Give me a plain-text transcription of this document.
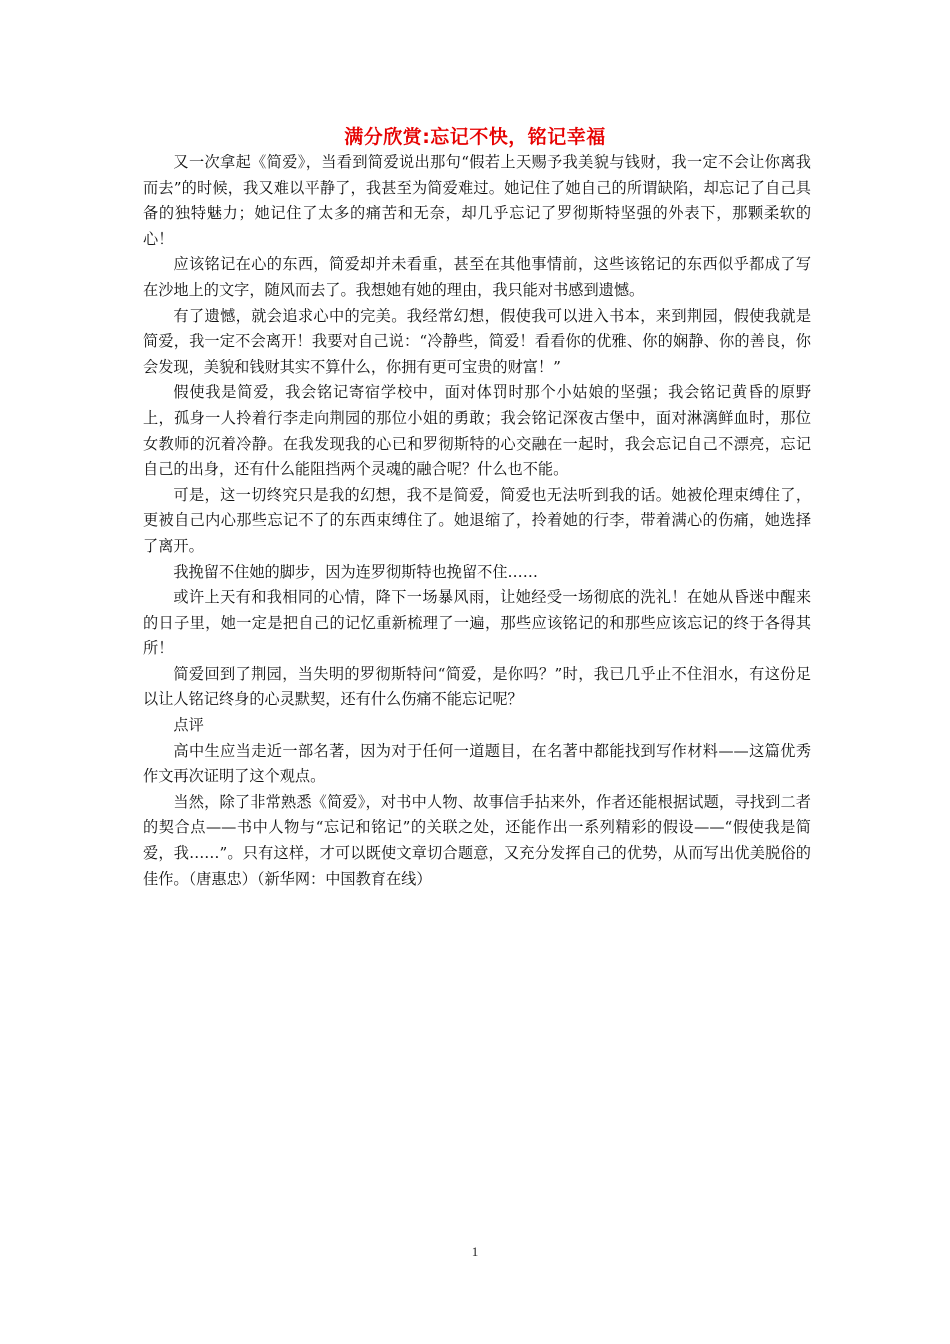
满分欣赏:忘记不快，铭记幸福

又一次拿起《简爱》，当看到简爱说出那句“假若上天赐予我美貌与钱财，我一定不会让你离我而去”的时候，我又难以平静了，我甚至为简爱难过。她记住了她自己的所谓缺陷，却忘记了自己具备的独特魅力；她记住了太多的痛苦和无奈，却几乎忘记了罗彻斯特坚强的外表下，那颗柔软的心！

应该铭记在心的东西，简爱却并未看重，甚至在其他事情前，这些该铭记的东西似乎都成了写在沙地上的文字，随风而去了。我想她有她的理由，我只能对书感到遗憾。

有了遗憾，就会追求心中的完美。我经常幻想，假使我可以进入书本，来到荆园，假使我就是简爱，我一定不会离开！我要对自己说：“冷静些，简爱！看看你的优雅、你的娴静、你的善良，你会发现，美貌和钱财其实不算什么，你拥有更可宝贵的财富！”

假使我是简爱，我会铭记寄宿学校中，面对体罚时那个小姑娘的坚强；我会铭记黄昏的原野上，孤身一人拎着行李走向荆园的那位小姐的勇敢；我会铭记深夜古堡中，面对淋漓鲜血时，那位女教师的沉着冷静。在我发现我的心已和罗彻斯特的心交融在一起时，我会忘记自己不漂亮，忘记自己的出身，还有什么能阻挡两个灵魂的融合呢？什么也不能。

可是，这一切终究只是我的幻想，我不是简爱，简爱也无法听到我的话。她被伦理束缚住了，更被自己内心那些忘记不了的东西束缚住了。她退缩了，拎着她的行李，带着满心的伤痛，她选择了离开。

我挽留不住她的脚步，因为连罗彻斯特也挽留不住……

或许上天有和我相同的心情，降下一场暴风雨，让她经受一场彻底的洗礼！在她从昏迷中醒来的日子里，她一定是把自己的记忆重新梳理了一遍，那些应该铭记的和那些应该忘记的终于各得其所！

简爱回到了荆园，当失明的罗彻斯特问“简爱，是你吗？”时，我已几乎止不住泪水，有这份足以让人铭记终身的心灵默契，还有什么伤痛不能忘记呢？

点评

高中生应当走近一部名著，因为对于任何一道题目，在名著中都能找到写作材料——这篇优秀作文再次证明了这个观点。

当然，除了非常熟悉《简爱》，对书中人物、故事信手拈来外，作者还能根据试题，寻找到二者的契合点——书中人物与“忘记和铭记”的关联之处，还能作出一系列精彩的假设——“假使我是简爱，我……”。只有这样，才可以既使文章切合题意，又充分发挥自己的优势，从而写出优美脱俗的佳作。（唐惠忠）（新华网：中国教育在线）

1
